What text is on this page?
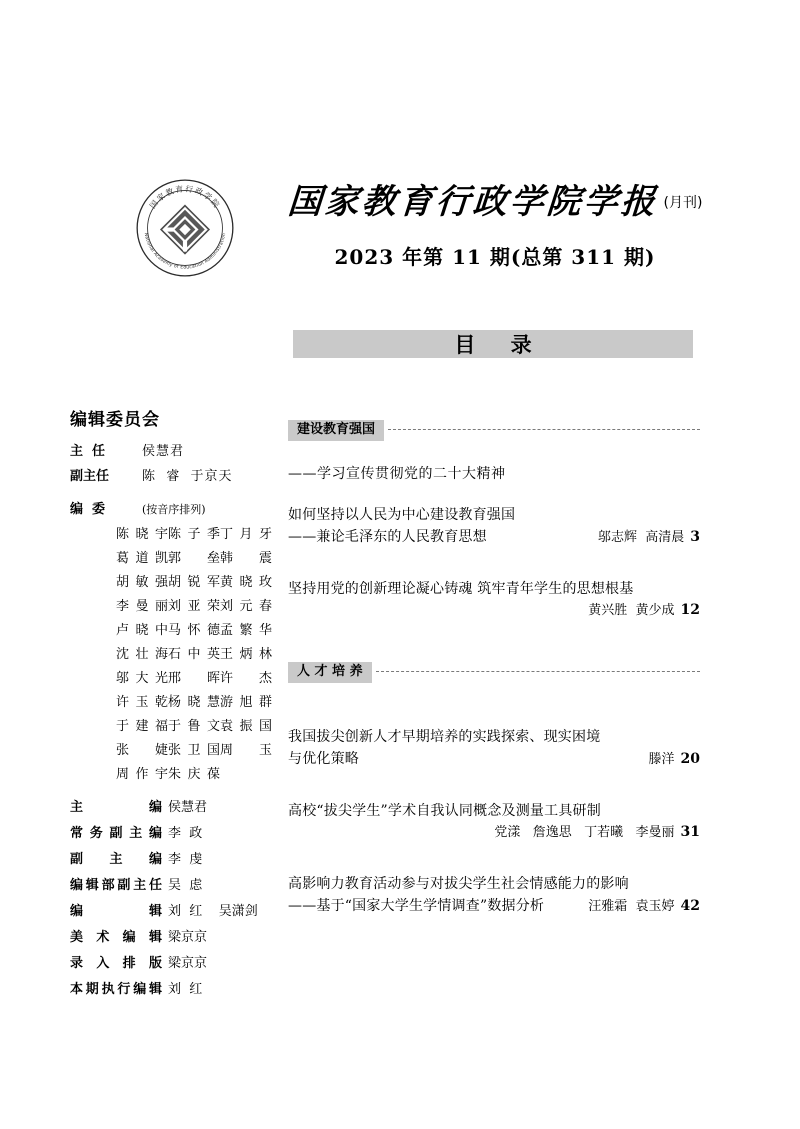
国家教育行政学院
National Academy of Education Administration
国家教育行政学院学报 (月刊)
2023 年第 11 期(总第 311 期)
目 录
编辑委员会
主  任	侯慧君
副主任	陈  睿  于京天
编  委	(按音序排列)
陈晓宇 陈子季 丁月牙
葛道凯 郭 垒 韩 震
胡敏强 胡锐军 黄晓玫
李曼丽 刘亚荣 刘元春
卢晓中 马怀德 孟繁华
沈壮海 石中英 王炳林
邬大光 邢 晖 许 杰
许玉乾 杨晓慧 游旭群
于建福 于鲁文 袁振国
张 婕 张卫国 周 玉
周作宇 朱庆葆
主编 侯慧君
常务副主编 李  政
副主编 李  虔
编辑部副主任 吴  虑
编辑 刘  红    吴潇剑
美术编辑 梁京京
录入排版 梁京京
本期执行编辑 刘  红
建设教育强国
——学习宣传贯彻党的二十大精神
如何坚持以人民为中心建设教育强国
——兼论毛泽东的人民教育思想	邬志辉  高清晨 3
坚持用党的创新理论凝心铸魂 筑牢青年学生的思想根基
黄兴胜  黄少成 12
人 才 培 养
我国拔尖创新人才早期培养的实践探索、现实困境
与优化策略	滕洋 20
高校“拔尖学生”学术自我认同概念及测量工具研制
党漾   詹逸思   丁若曦   李曼丽 31
高影响力教育活动参与对拔尖学生社会情感能力的影响
——基于“国家大学生学情调查”数据分析	汪雅霜  袁玉婷 42
